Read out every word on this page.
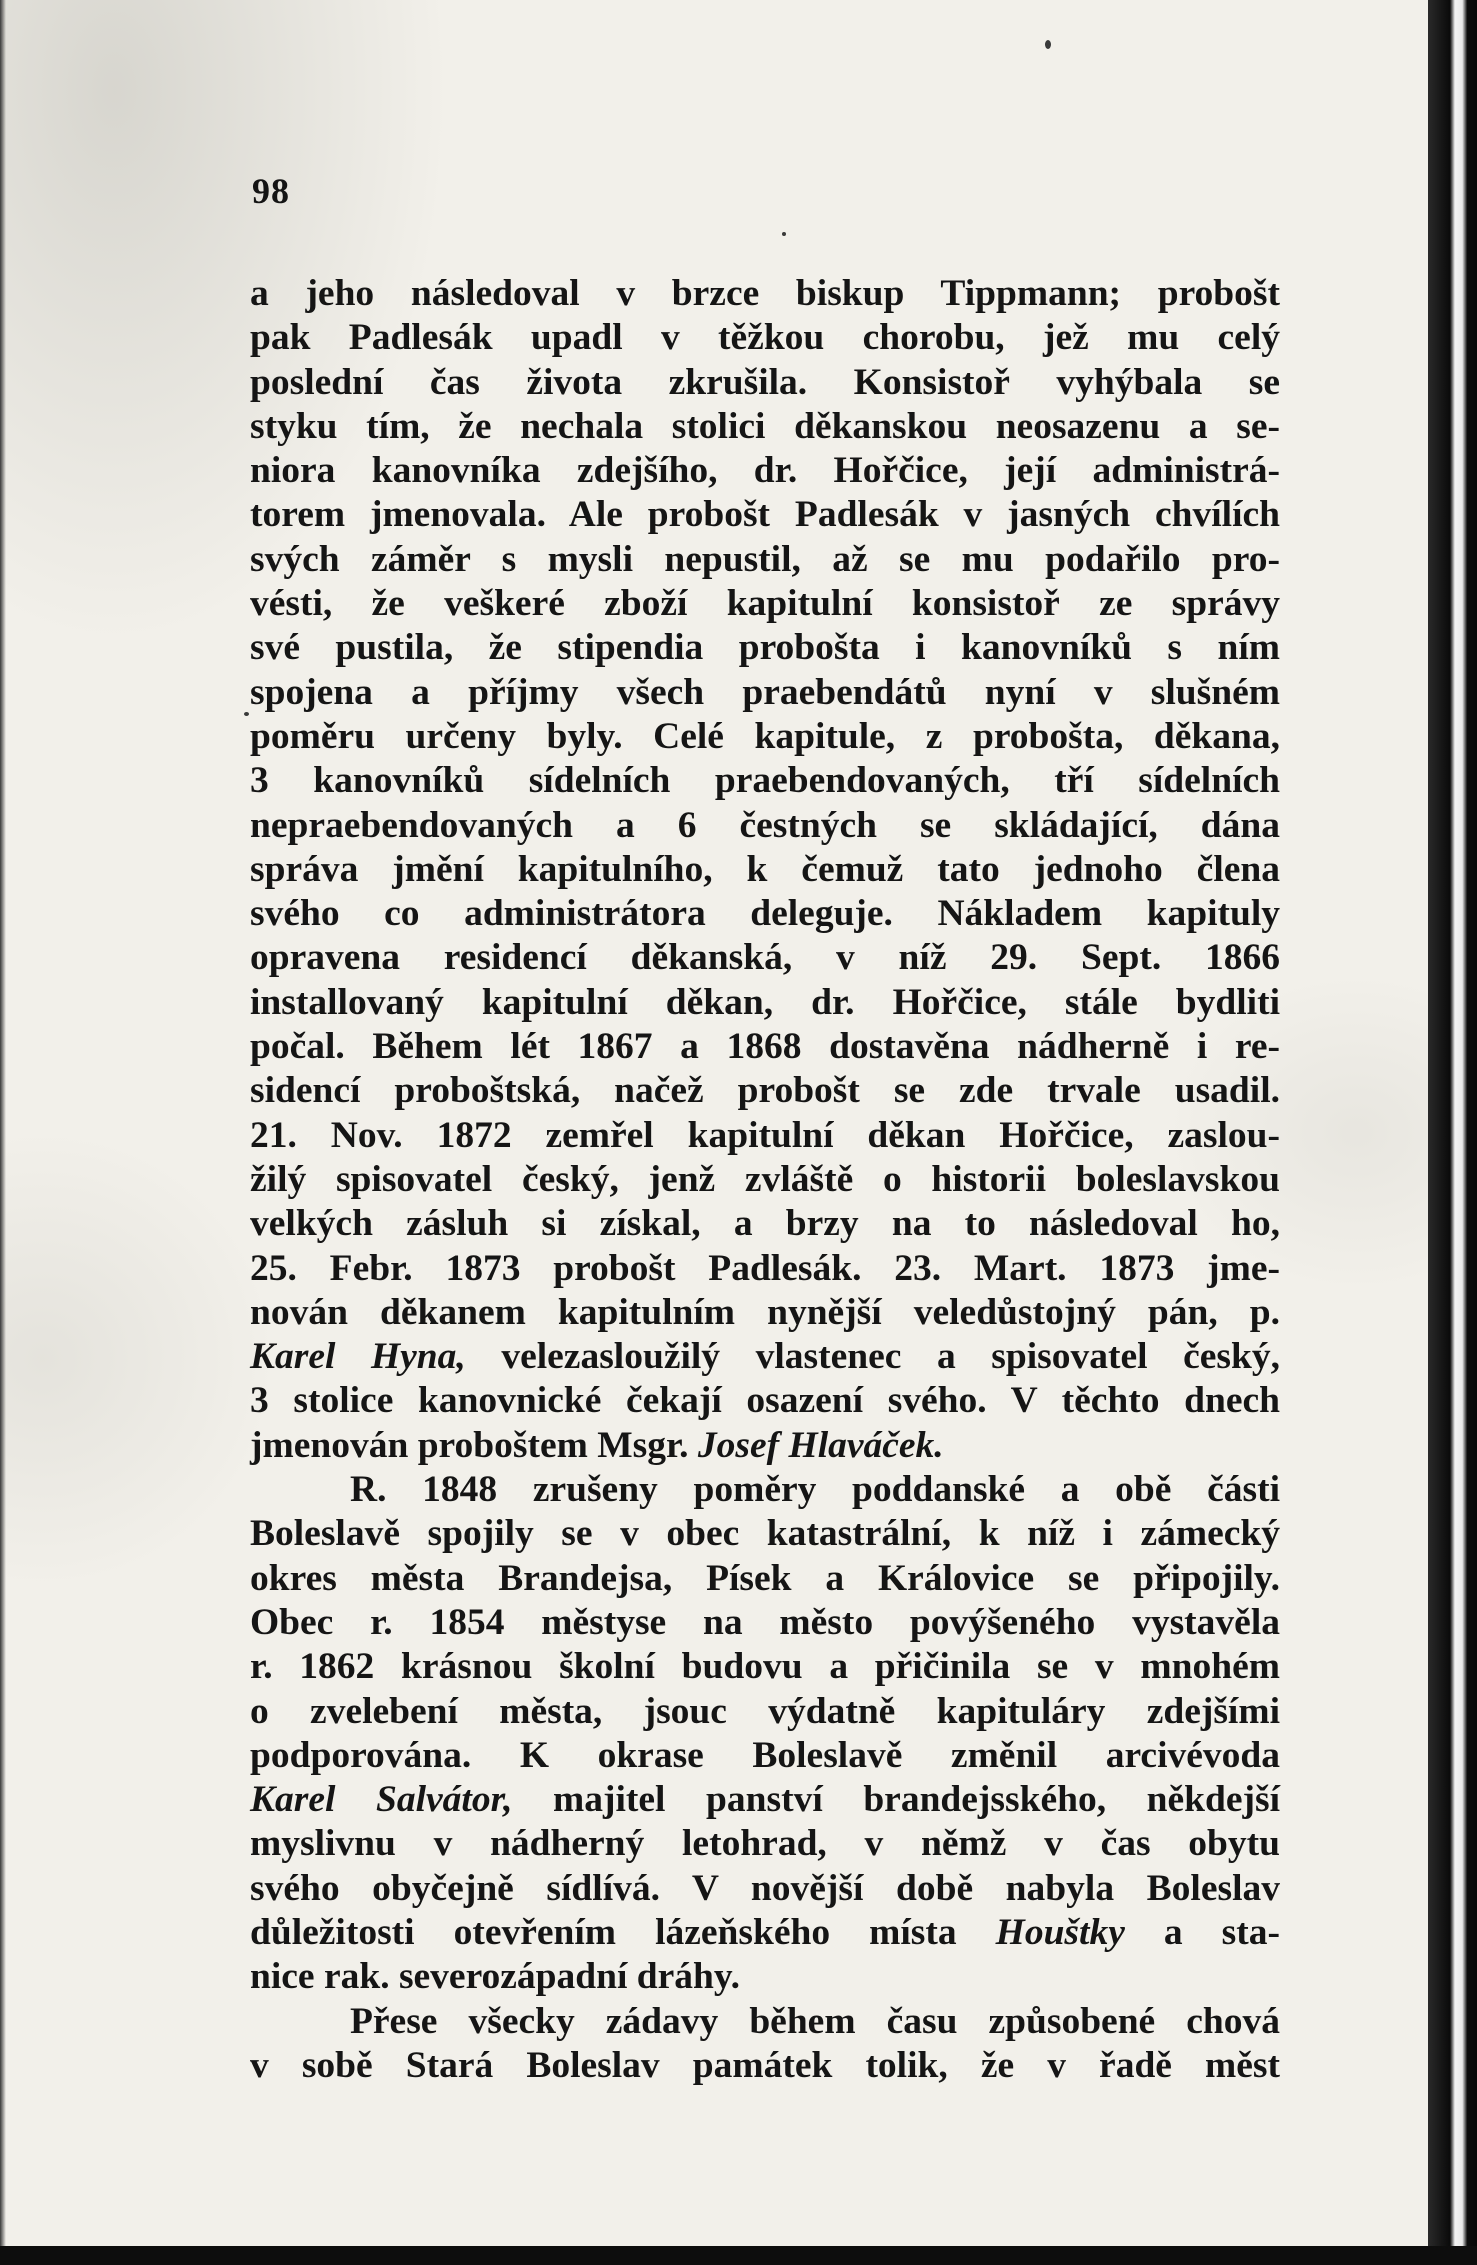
98
a jeho následoval v brzce biskup Tippmann; probošt
pak Padlesák upadl v těžkou chorobu, jež mu celý
poslední čas života zkrušila. Konsistoř vyhýbala se
styku tím, že nechala stolici děkanskou neosazenu a se-
niora kanovníka zdejšího, dr. Hořčice, její administrá-
torem jmenovala. Ale probošt Padlesák v jasných chvílích
svých záměr s mysli nepustil, až se mu podařilo pro-
vésti, že veškeré zboží kapitulní konsistoř ze správy
své pustila, že stipendia probošta i kanovníků s ním
spojena a příjmy všech praebendátů nyní v slušném
poměru určeny byly. Celé kapitule, z probošta, děkana,
3 kanovníků sídelních praebendovaných, tří sídelních
nepraebendovaných a 6 čestných se skládající, dána
správa jmění kapitulního, k čemuž tato jednoho člena
svého co administrátora deleguje. Nákladem kapituly
opravena residencí děkanská, v níž 29. Sept. 1866
installovaný kapitulní děkan, dr. Hořčice, stále bydliti
počal. Během lét 1867 a 1868 dostavěna nádherně i re-
sidencí proboštská, načež probošt se zde trvale usadil.
21. Nov. 1872 zemřel kapitulní děkan Hořčice, zaslou-
žilý spisovatel český, jenž zvláště o historii boleslavskou
velkých zásluh si získal, a brzy na to následoval ho,
25. Febr. 1873 probošt Padlesák. 23. Mart. 1873 jme-
nován děkanem kapitulním nynější veledůstojný pán, p.
Karel Hyna, velezasloužilý vlastenec a spisovatel český,
3 stolice kanovnické čekají osazení svého. V těchto dnech
jmenován proboštem Msgr. Josef Hlaváček.
R. 1848 zrušeny poměry poddanské a obě části
Boleslavě spojily se v obec katastrální, k níž i zámecký
okres města Brandejsa, Písek a Královice se připojily.
Obec r. 1854 městyse na město povýšeného vystavěla
r. 1862 krásnou školní budovu a přičinila se v mnohém
o zvelebení města, jsouc výdatně kapituláry zdejšími
podporována. K okrase Boleslavě změnil arcivévoda
Karel Salvátor, majitel panství brandejsského, někdejší
myslivnu v nádherný letohrad, v němž v čas obytu
svého obyčejně sídlívá. V novější době nabyla Boleslav
důležitosti otevřením lázeňského místa Houštky a sta-
nice rak. severozápadní dráhy.
Přese všecky zádavy během času způsobené chová
v sobě Stará Boleslav památek tolik, že v řadě měst
